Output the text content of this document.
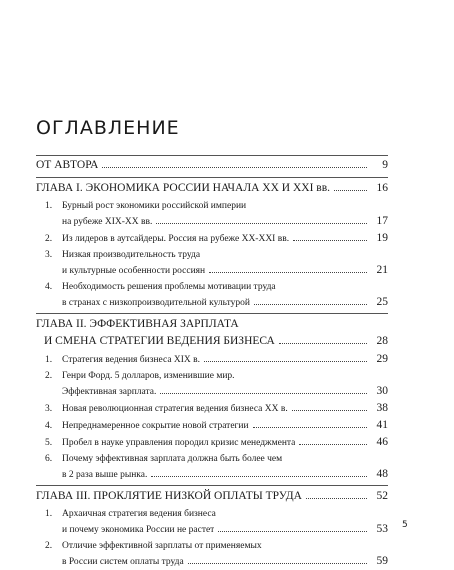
ОГЛАВЛЕНИЕ
ОТ АВТОРА	9
ГЛАВА I. ЭКОНОМИКА РОССИИ НАЧАЛА XX И XXI вв.	16
1.	Бурный рост экономики российской империи
на рубеже XIX-XX вв.	17
2.	Из лидеров в аутсайдеры. Россия на рубеже XX-XXI вв.	19
3.	Низкая производительность труда
и культурные особенности россиян	21
4.	Необходимость решения проблемы мотивации труда
в странах с низкопроизводительной культурой	25
ГЛАВА II. ЭФФЕКТИВНАЯ ЗАРПЛАТА
И СМЕНА СТРАТЕГИИ ВЕДЕНИЯ БИЗНЕСА	28
1.	Стратегия ведения бизнеса XIX в.	29
2.	Генри Форд. 5 долларов, изменившие мир.
Эффективная зарплата.	30
3.	Новая революционная стратегия ведения бизнеса XX в.	38
4.	Непреднамеренное сокрытие новой стратегии	41
5.	Пробел в науке управления породил кризис менеджмента	46
6.	Почему эффективная зарплата должна быть более чем
в 2 раза выше рынка.	48
ГЛАВА III. ПРОКЛЯТИЕ НИЗКОЙ ОПЛАТЫ ТРУДА	52
1.	Архаичная стратегия ведения бизнеса
и почему экономика России не растет	53
2.	Отличие эффективной зарплаты от применяемых
в России систем оплаты труда	59
5
